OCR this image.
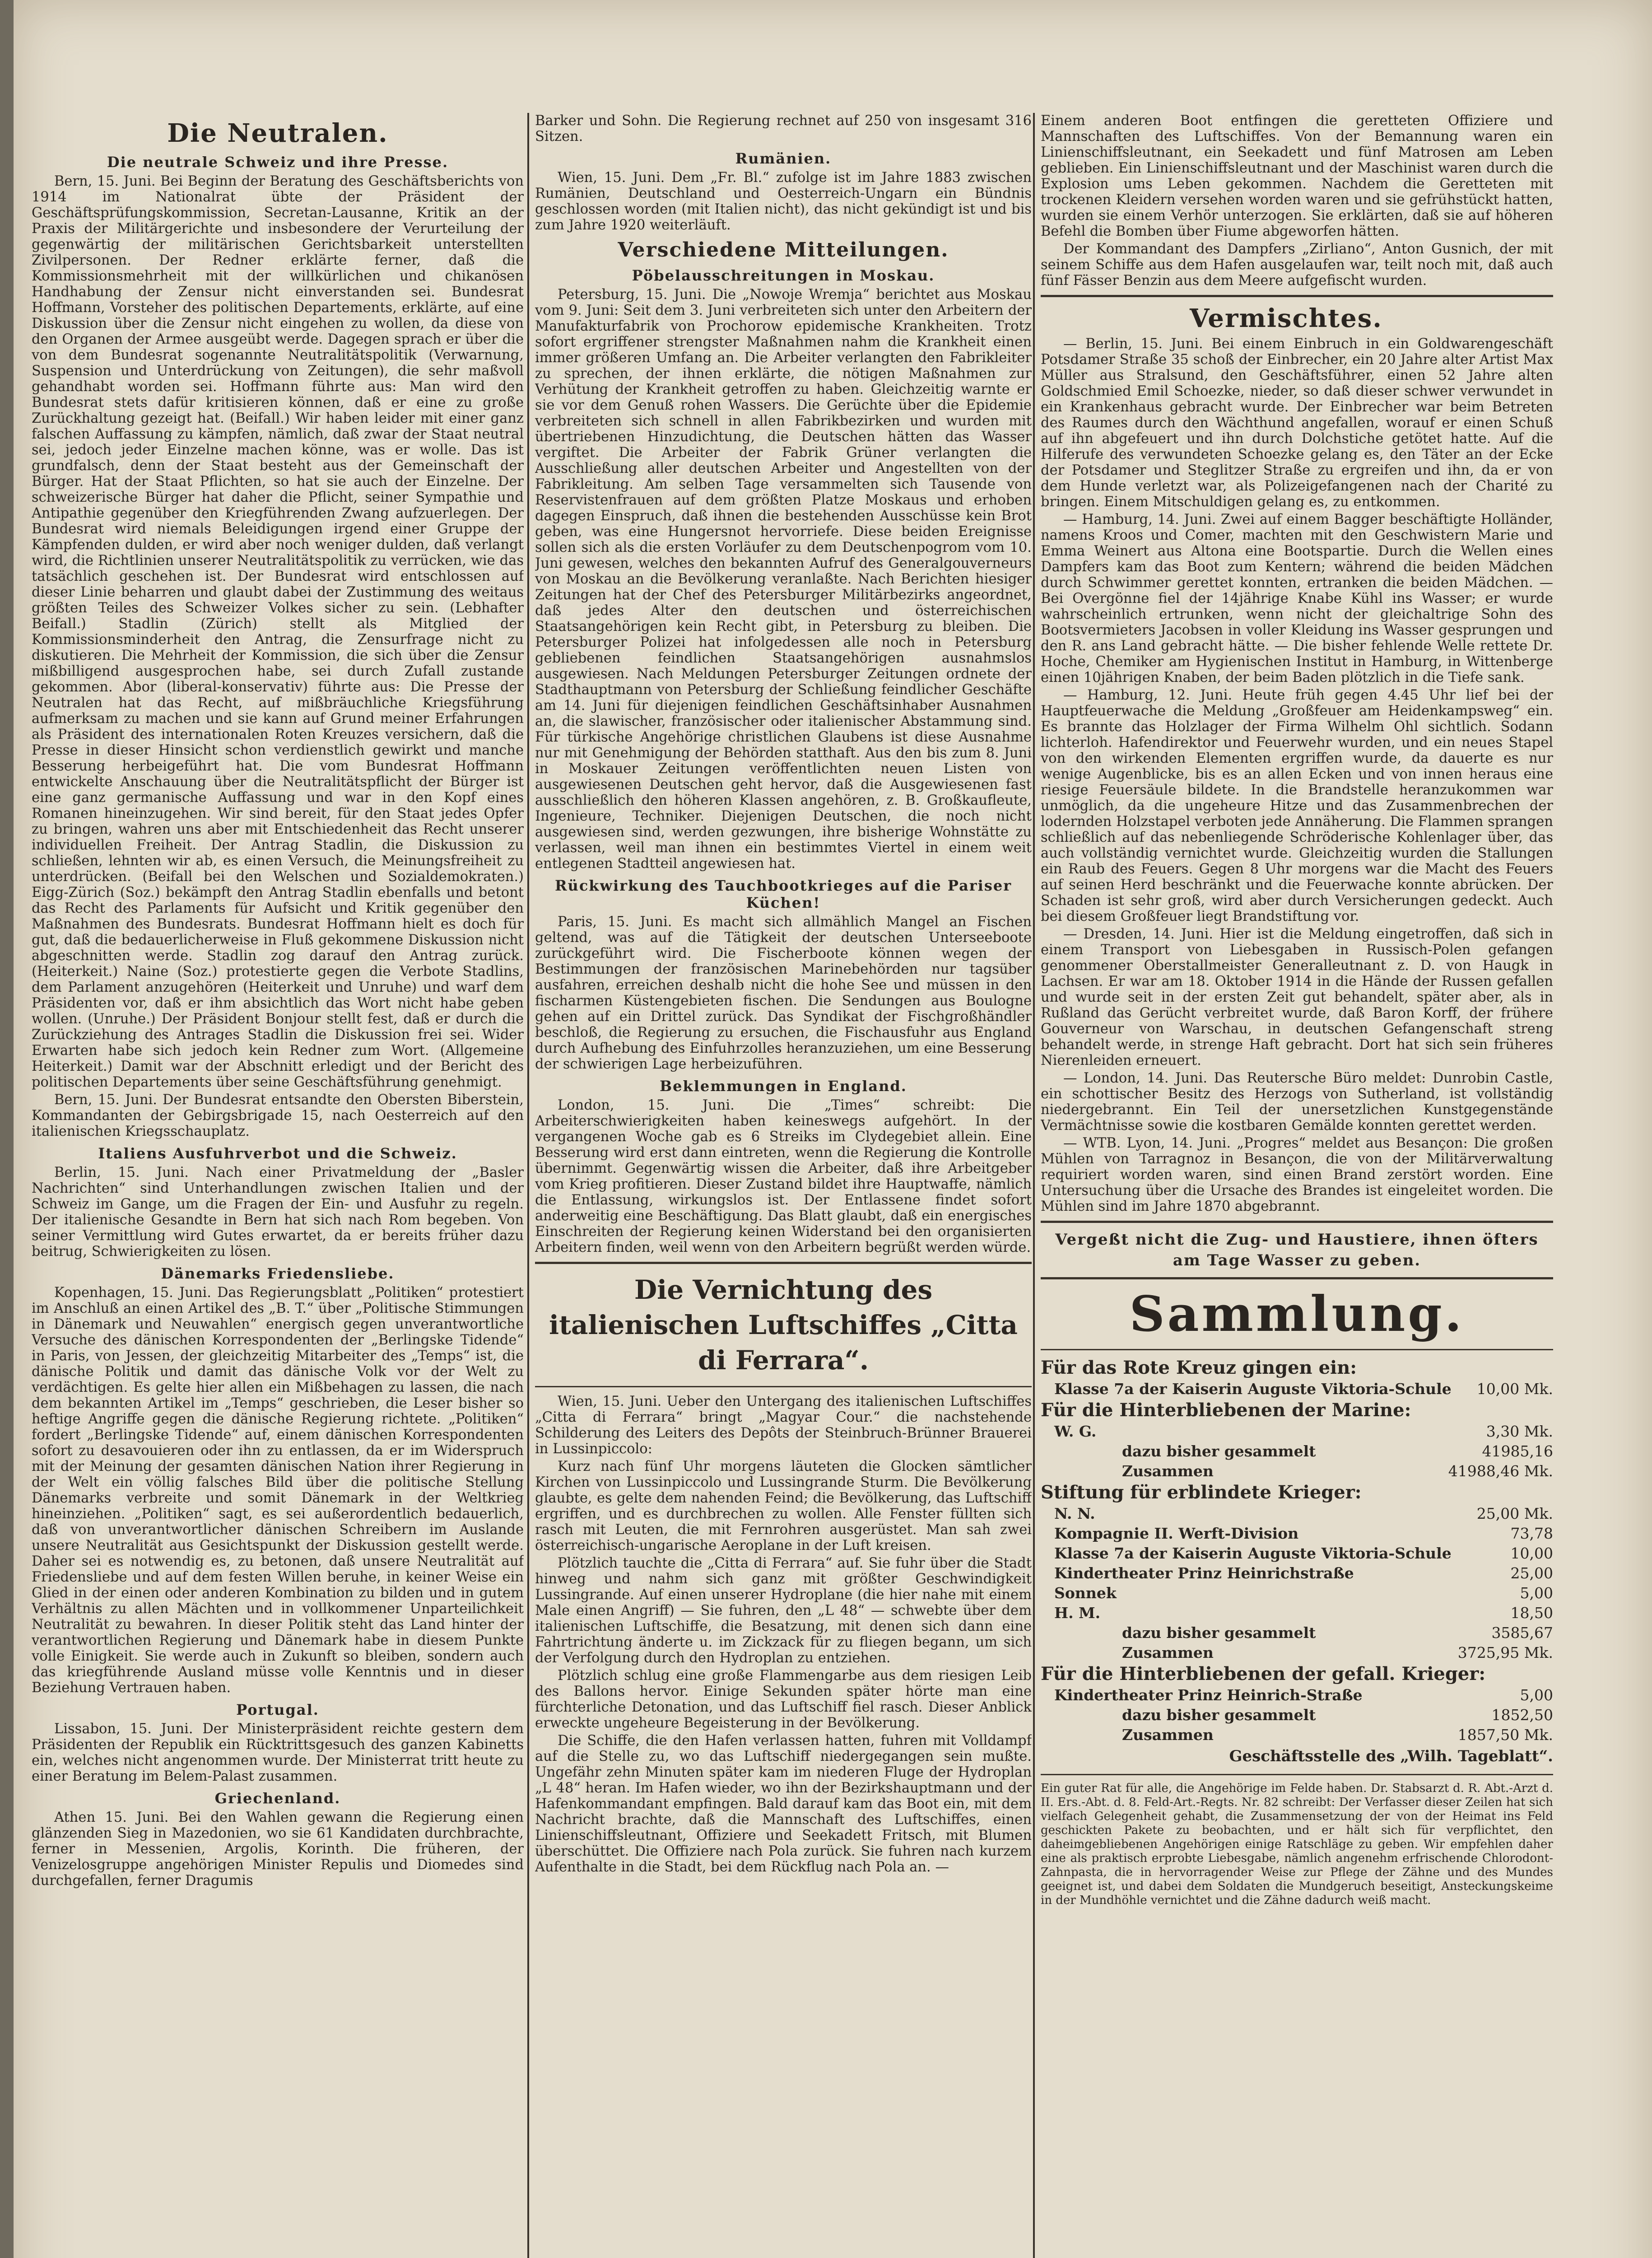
Die Neutralen.
Die neutrale Schweiz und ihre Presse.

Bern, 15. Juni. Bei Beginn der Beratung des Geschäftsberichts von 1914 im Nationalrat übte der Präsident der Geschäftsprüfungskommission, Secretan-Lausanne, Kritik an der Praxis der Militärgerichte und insbesondere der Verurteilung der gegenwärtig der militärischen Gerichtsbarkeit unterstellten Zivilpersonen. Der Redner erklärte ferner, daß die Kommissionsmehrheit mit der willkürlichen und chikanösen Handhabung der Zensur nicht einverstanden sei. Bundesrat Hoffmann, Vorsteher des politischen Departements, erklärte, auf eine Diskussion über die Zensur nicht eingehen zu wollen, da diese von den Organen der Armee ausgeübt werde. Dagegen sprach er über die von dem Bundesrat sogenannte Neutralitätspolitik (Verwarnung, Suspension und Unterdrückung von Zeitungen), die sehr maßvoll gehandhabt worden sei. Hoffmann führte aus: Man wird den Bundesrat stets dafür kritisieren können, daß er eine zu große Zurückhaltung gezeigt hat. (Beifall.) Wir haben leider mit einer ganz falschen Auffassung zu kämpfen, nämlich, daß zwar der Staat neutral sei, jedoch jeder Einzelne machen könne, was er wolle. Das ist grundfalsch, denn der Staat besteht aus der Gemeinschaft der Bürger. Hat der Staat Pflichten, so hat sie auch der Einzelne. Der schweizerische Bürger hat daher die Pflicht, seiner Sympathie und Antipathie gegenüber den Kriegführenden Zwang aufzuerlegen. Der Bundesrat wird niemals Beleidigungen irgend einer Gruppe der Kämpfenden dulden, er wird aber noch weniger dulden, daß verlangt wird, die Richtlinien unserer Neutralitätspolitik zu verrücken, wie das tatsächlich geschehen ist. Der Bundesrat wird entschlossen auf dieser Linie beharren und glaubt dabei der Zustimmung des weitaus größten Teiles des Schweizer Volkes sicher zu sein. (Lebhafter Beifall.) Stadlin (Zürich) stellt als Mitglied der Kommissionsminderheit den Antrag, die Zensurfrage nicht zu diskutieren. Die Mehrheit der Kommission, die sich über die Zensur mißbilligend ausgesprochen habe, sei durch Zufall zustande gekommen. Abor (liberal-konservativ) führte aus: Die Presse der Neutralen hat das Recht, auf mißbräuchliche Kriegsführung aufmerksam zu machen und sie kann auf Grund meiner Erfahrungen als Präsident des internationalen Roten Kreuzes versichern, daß die Presse in dieser Hinsicht schon verdienstlich gewirkt und manche Besserung herbeigeführt hat. Die vom Bundesrat Hoffmann entwickelte Anschauung über die Neutralitätspflicht der Bürger ist eine ganz germanische Auffassung und war in den Kopf eines Romanen hineinzugehen. Wir sind bereit, für den Staat jedes Opfer zu bringen, wahren uns aber mit Entschiedenheit das Recht unserer individuellen Freiheit. Der Antrag Stadlin, die Diskussion zu schließen, lehnten wir ab, es einen Versuch, die Meinungsfreiheit zu unterdrücken. (Beifall bei den Welschen und Sozialdemokraten.) Eigg-Zürich (Soz.) bekämpft den Antrag Stadlin ebenfalls und betont das Recht des Parlaments für Aufsicht und Kritik gegenüber den Maßnahmen des Bundesrats. Bundesrat Hoffmann hielt es doch für gut, daß die bedauerlicherweise in Fluß gekommene Diskussion nicht abgeschnitten werde. Stadlin zog darauf den Antrag zurück. (Heiterkeit.) Naine (Soz.) protestierte gegen die Verbote Stadlins, dem Parlament anzugehören (Heiterkeit und Unruhe) und warf dem Präsidenten vor, daß er ihm absichtlich das Wort nicht habe geben wollen. (Unruhe.) Der Präsident Bonjour stellt fest, daß er durch die Zurückziehung des Antrages Stadlin die Diskussion frei sei. Wider Erwarten habe sich jedoch kein Redner zum Wort. (Allgemeine Heiterkeit.) Damit war der Abschnitt erledigt und der Bericht des politischen Departements über seine Geschäftsführung genehmigt.

Bern, 15. Juni. Der Bundesrat entsandte den Obersten Biberstein, Kommandanten der Gebirgsbrigade 15, nach Oesterreich auf den italienischen Kriegsschauplatz.

Italiens Ausfuhrverbot und die Schweiz.

Berlin, 15. Juni. Nach einer Privatmeldung der „Basler Nachrichten“ sind Unterhandlungen zwischen Italien und der Schweiz im Gange, um die Fragen der Ein- und Ausfuhr zu regeln. Der italienische Gesandte in Bern hat sich nach Rom begeben. Von seiner Vermittlung wird Gutes erwartet, da er bereits früher dazu beitrug, Schwierigkeiten zu lösen.

Dänemarks Friedensliebe.

Kopenhagen, 15. Juni. Das Regierungsblatt „Politiken“ protestiert im Anschluß an einen Artikel des „B. T.“ über „Politische Stimmungen in Dänemark und Neuwahlen“ energisch gegen unverantwortliche Versuche des dänischen Korrespondenten der „Berlingske Tidende“ in Paris, von Jessen, der gleichzeitig Mitarbeiter des „Temps“ ist, die dänische Politik und damit das dänische Volk vor der Welt zu verdächtigen. Es gelte hier allen ein Mißbehagen zu lassen, die nach dem bekannten Artikel im „Temps“ geschrieben, die Leser bisher so heftige Angriffe gegen die dänische Regierung richtete. „Politiken“ fordert „Berlingske Tidende“ auf, einem dänischen Korrespondenten sofort zu desavouieren oder ihn zu entlassen, da er im Widerspruch mit der Meinung der gesamten dänischen Nation ihrer Regierung in der Welt ein völlig falsches Bild über die politische Stellung Dänemarks verbreite und somit Dänemark in der Weltkrieg hineinziehen. „Politiken“ sagt, es sei außerordentlich bedauerlich, daß von unverantwortlicher dänischen Schreibern im Auslande unsere Neutralität aus Gesichtspunkt der Diskussion gestellt werde. Daher sei es notwendig es, zu betonen, daß unsere Neutralität auf Friedensliebe und auf dem festen Willen beruhe, in keiner Weise ein Glied in der einen oder anderen Kombination zu bilden und in gutem Verhältnis zu allen Mächten und in vollkommener Unparteilichkeit Neutralität zu bewahren. In dieser Politik steht das Land hinter der verantwortlichen Regierung und Dänemark habe in diesem Punkte volle Einigkeit. Sie werde auch in Zukunft so bleiben, sondern auch das kriegführende Ausland müsse volle Kenntnis und in dieser Beziehung Vertrauen haben.

Portugal.

Lissabon, 15. Juni. Der Ministerpräsident reichte gestern dem Präsidenten der Republik ein Rücktrittsgesuch des ganzen Kabinetts ein, welches nicht angenommen wurde. Der Ministerrat tritt heute zu einer Beratung im Belem-Palast zusammen.

Griechenland.

Athen 15. Juni. Bei den Wahlen gewann die Regierung einen glänzenden Sieg in Mazedonien, wo sie 61 Kandidaten durchbrachte, ferner in Messenien, Argolis, Korinth. Die früheren, der Venizelosgruppe angehörigen Minister Repulis und Diomedes sind durchgefallen, ferner Dragumis

Barker und Sohn. Die Regierung rechnet auf 250 von insgesamt 316 Sitzen.

Rumänien.

Wien, 15. Juni. Dem „Fr. Bl.“ zufolge ist im Jahre 1883 zwischen Rumänien, Deutschland und Oesterreich-Ungarn ein Bündnis geschlossen worden (mit Italien nicht), das nicht gekündigt ist und bis zum Jahre 1920 weiterläuft.

Verschiedene Mitteilungen.
Pöbelausschreitungen in Moskau.

Petersburg, 15. Juni. Die „Nowoje Wremja“ berichtet aus Moskau vom 9. Juni: Seit dem 3. Juni verbreiteten sich unter den Arbeitern der Manufakturfabrik von Prochorow epidemische Krankheiten. Trotz sofort ergriffener strengster Maßnahmen nahm die Krankheit einen immer größeren Umfang an. Die Arbeiter verlangten den Fabrikleiter zu sprechen, der ihnen erklärte, die nötigen Maßnahmen zur Verhütung der Krankheit getroffen zu haben. Gleichzeitig warnte er sie vor dem Genuß rohen Wassers. Die Gerüchte über die Epidemie verbreiteten sich schnell in allen Fabrikbezirken und wurden mit übertriebenen Hinzudichtung, die Deutschen hätten das Wasser vergiftet. Die Arbeiter der Fabrik Grüner verlangten die Ausschließung aller deutschen Arbeiter und Angestellten von der Fabrikleitung. Am selben Tage versammelten sich Tausende von Reservistenfrauen auf dem größten Platze Moskaus und erhoben dagegen Einspruch, daß ihnen die bestehenden Ausschüsse kein Brot geben, was eine Hungersnot hervorriefe. Diese beiden Ereignisse sollen sich als die ersten Vorläufer zu dem Deutschenpogrom vom 10. Juni gewesen, welches den bekannten Aufruf des Generalgouverneurs von Moskau an die Bevölkerung veranlaßte. Nach Berichten hiesiger Zeitungen hat der Chef des Petersburger Militärbezirks angeordnet, daß jedes Alter den deutschen und österreichischen Staatsangehörigen kein Recht gibt, in Petersburg zu bleiben. Die Petersburger Polizei hat infolgedessen alle noch in Petersburg gebliebenen feindlichen Staatsangehörigen ausnahmslos ausgewiesen. Nach Meldungen Petersburger Zeitungen ordnete der Stadthauptmann von Petersburg der Schließung feindlicher Geschäfte am 14. Juni für diejenigen feindlichen Geschäftsinhaber Ausnahmen an, die slawischer, französischer oder italienischer Abstammung sind. Für türkische Angehörige christlichen Glaubens ist diese Ausnahme nur mit Genehmigung der Behörden statthaft. Aus den bis zum 8. Juni in Moskauer Zeitungen veröffentlichten neuen Listen von ausgewiesenen Deutschen geht hervor, daß die Ausgewiesenen fast ausschließlich den höheren Klassen angehören, z. B. Großkaufleute, Ingenieure, Techniker. Diejenigen Deutschen, die noch nicht ausgewiesen sind, werden gezwungen, ihre bisherige Wohnstätte zu verlassen, weil man ihnen ein bestimmtes Viertel in einem weit entlegenen Stadtteil angewiesen hat.

Rückwirkung des Tauchbootkrieges auf die Pariser Küchen!

Paris, 15. Juni. Es macht sich allmählich Mangel an Fischen geltend, was auf die Tätigkeit der deutschen Unterseeboote zurückgeführt wird. Die Fischerboote können wegen der Bestimmungen der französischen Marinebehörden nur tagsüber ausfahren, erreichen deshalb nicht die hohe See und müssen in den fischarmen Küstengebieten fischen. Die Sendungen aus Boulogne gehen auf ein Drittel zurück. Das Syndikat der Fischgroßhändler beschloß, die Regierung zu ersuchen, die Fischausfuhr aus England durch Aufhebung des Einfuhrzolles heranzuziehen, um eine Besserung der schwierigen Lage herbeizuführen.

Beklemmungen in England.

London, 15. Juni. Die „Times“ schreibt: Die Arbeiterschwierigkeiten haben keineswegs aufgehört. In der vergangenen Woche gab es 6 Streiks im Clydegebiet allein. Eine Besserung wird erst dann eintreten, wenn die Regierung die Kontrolle übernimmt. Gegenwärtig wissen die Arbeiter, daß ihre Arbeitgeber vom Krieg profitieren. Dieser Zustand bildet ihre Hauptwaffe, nämlich die Entlassung, wirkungslos ist. Der Entlassene findet sofort anderweitig eine Beschäftigung. Das Blatt glaubt, daß ein energisches Einschreiten der Regierung keinen Widerstand bei den organisierten Arbeitern finden, weil wenn von den Arbeitern begrüßt werden würde.

Die Vernichtung des italienischen Luftschiffes „Citta di Ferrara“.

Wien, 15. Juni. Ueber den Untergang des italienischen Luftschiffes „Citta di Ferrara“ bringt „Magyar Cour.“ die nachstehende Schilderung des Leiters des Depôts der Steinbruch-Brünner Brauerei in Lussinpiccolo:

Kurz nach fünf Uhr morgens läuteten die Glocken sämtlicher Kirchen von Lussinpiccolo und Lussingrande Sturm. Die Bevölkerung glaubte, es gelte dem nahenden Feind; die Bevölkerung, das Luftschiff ergriffen, und es durchbrechen zu wollen. Alle Fenster füllten sich rasch mit Leuten, die mit Fernrohren ausgerüstet. Man sah zwei österreichisch-ungarische Aeroplane in der Luft kreisen.

Plötzlich tauchte die „Citta di Ferrara“ auf. Sie fuhr über die Stadt hinweg und nahm sich ganz mit größter Geschwindigkeit Lussingrande. Auf einen unserer Hydroplane (die hier nahe mit einem Male einen Angriff) — Sie fuhren, den „L 48“ — schwebte über dem italienischen Luftschiffe, die Besatzung, mit denen sich dann eine Fahrtrichtung änderte u. im Zickzack für zu fliegen begann, um sich der Verfolgung durch den Hydroplan zu entziehen.

Plötzlich schlug eine große Flammengarbe aus dem riesigen Leib des Ballons hervor. Einige Sekunden später hörte man eine fürchterliche Detonation, und das Luftschiff fiel rasch. Dieser Anblick erweckte ungeheure Begeisterung in der Bevölkerung.

Die Schiffe, die den Hafen verlassen hatten, fuhren mit Volldampf auf die Stelle zu, wo das Luftschiff niedergegangen sein mußte. Ungefähr zehn Minuten später kam im niederen Fluge der Hydroplan „L 48“ heran. Im Hafen wieder, wo ihn der Bezirkshauptmann und der Hafenkommandant empfingen. Bald darauf kam das Boot ein, mit dem Nachricht brachte, daß die Mannschaft des Luftschiffes, einen Linienschiffsleutnant, Offiziere und Seekadett Fritsch, mit Blumen überschüttet. Die Offiziere nach Pola zurück. Sie fuhren nach kurzem Aufenthalte in die Stadt, bei dem Rückflug nach Pola an. —

Einem anderen Boot entfingen die geretteten Offiziere und Mannschaften des Luftschiffes. Von der Bemannung waren ein Linienschiffsleutnant, ein Seekadett und fünf Matrosen am Leben geblieben. Ein Linienschiffsleutnant und der Maschinist waren durch die Explosion ums Leben gekommen. Nachdem die Geretteten mit trockenen Kleidern versehen worden waren und sie gefrühstückt hatten, wurden sie einem Verhör unterzogen. Sie erklärten, daß sie auf höheren Befehl die Bomben über Fiume abgeworfen hätten.

Der Kommandant des Dampfers „Zirliano“, Anton Gusnich, der mit seinem Schiffe aus dem Hafen ausgelaufen war, teilt noch mit, daß auch fünf Fässer Benzin aus dem Meere aufgefischt wurden.

Vermischtes.

— Berlin, 15. Juni. Bei einem Einbruch in ein Goldwarengeschäft Potsdamer Straße 35 schoß der Einbrecher, ein 20 Jahre alter Artist Max Müller aus Stralsund, den Geschäftsführer, einen 52 Jahre alten Goldschmied Emil Schoezke, nieder, so daß dieser schwer verwundet in ein Krankenhaus gebracht wurde. Der Einbrecher war beim Betreten des Raumes durch den Wächthund angefallen, worauf er einen Schuß auf ihn abgefeuert und ihn durch Dolchstiche getötet hatte. Auf die Hilferufe des verwundeten Schoezke gelang es, den Täter an der Ecke der Potsdamer und Steglitzer Straße zu ergreifen und ihn, da er von dem Hunde verletzt war, als Polizeigefangenen nach der Charité zu bringen. Einem Mitschuldigen gelang es, zu entkommen.

— Hamburg, 14. Juni. Zwei auf einem Bagger beschäftigte Holländer, namens Kroos und Comer, machten mit den Geschwistern Marie und Emma Weinert aus Altona eine Bootspartie. Durch die Wellen eines Dampfers kam das Boot zum Kentern; während die beiden Mädchen durch Schwimmer gerettet konnten, ertranken die beiden Mädchen. — Bei Overgönne fiel der 14jährige Knabe Kühl ins Wasser; er wurde wahrscheinlich ertrunken, wenn nicht der gleichaltrige Sohn des Bootsvermieters Jacobsen in voller Kleidung ins Wasser gesprungen und den R. ans Land gebracht hätte. — Die bisher fehlende Welle rettete Dr. Hoche, Chemiker am Hygienischen Institut in Hamburg, in Wittenberge einen 10jährigen Knaben, der beim Baden plötzlich in die Tiefe sank.

— Hamburg, 12. Juni. Heute früh gegen 4.45 Uhr lief bei der Hauptfeuerwache die Meldung „Großfeuer am Heidenkampsweg“ ein. Es brannte das Holzlager der Firma Wilhelm Ohl sichtlich. Sodann lichterloh. Hafendirektor und Feuerwehr wurden, und ein neues Stapel von den wirkenden Elementen ergriffen wurde, da dauerte es nur wenige Augenblicke, bis es an allen Ecken und von innen heraus eine riesige Feuersäule bildete. In die Brandstelle heranzukommen war unmöglich, da die ungeheure Hitze und das Zusammenbrechen der lodernden Holzstapel verboten jede Annäherung. Die Flammen sprangen schließlich auf das nebenliegende Schröderische Kohlenlager über, das auch vollständig vernichtet wurde. Gleichzeitig wurden die Stallungen ein Raub des Feuers. Gegen 8 Uhr morgens war die Macht des Feuers auf seinen Herd beschränkt und die Feuerwache konnte abrücken. Der Schaden ist sehr groß, wird aber durch Versicherungen gedeckt. Auch bei diesem Großfeuer liegt Brandstiftung vor.

— Dresden, 14. Juni. Hier ist die Meldung eingetroffen, daß sich in einem Transport von Liebesgaben in Russisch-Polen gefangen genommener Oberstallmeister Generalleutnant z. D. von Haugk in Lachsen. Er war am 18. Oktober 1914 in die Hände der Russen gefallen und wurde seit in der ersten Zeit gut behandelt, später aber, als in Rußland das Gerücht verbreitet wurde, daß Baron Korff, der frühere Gouverneur von Warschau, in deutschen Gefangenschaft streng behandelt werde, in strenge Haft gebracht. Dort hat sich sein früheres Nierenleiden erneuert.

— London, 14. Juni. Das Reutersche Büro meldet: Dunrobin Castle, ein schottischer Besitz des Herzogs von Sutherland, ist vollständig niedergebrannt. Ein Teil der unersetzlichen Kunstgegenstände Vermächtnisse sowie die kostbaren Gemälde konnten gerettet werden.

— WTB. Lyon, 14. Juni. „Progres“ meldet aus Besançon: Die großen Mühlen von Tarragnoz in Besançon, die von der Militärverwaltung requiriert worden waren, sind einen Brand zerstört worden. Eine Untersuchung über die Ursache des Brandes ist eingeleitet worden. Die Mühlen sind im Jahre 1870 abgebrannt.

Vergeßt nicht die Zug- und Haustiere, ihnen öfters am Tage Wasser zu geben.
Sammlung.
Für das Rote Kreuz gingen ein:
Klasse 7a der Kaiserin Auguste Viktoria-Schule 10,00 Mk.
Für die Hinterbliebenen der Marine:
W. G.	3,30 Mk.
dazu bisher gesammelt	41985,16
Zusammen	41988,46 Mk.
Stiftung für erblindete Krieger:
N. N.	25,00 Mk.
Kompagnie II. Werft-Division	73,78
Klasse 7a der Kaiserin Auguste Viktoria-Schule	10,00
Kindertheater Prinz Heinrichstraße	25,00
Sonnek	5,00
H. M.	18,50
dazu bisher gesammelt	3585,67
Zusammen	3725,95 Mk.
Für die Hinterbliebenen der gefall. Krieger:
Kindertheater Prinz Heinrich-Straße	5,00
dazu bisher gesammelt	1852,50
Zusammen	1857,50 Mk.
Geschäftsstelle des „Wilh. Tageblatt“.
Ein guter Rat für alle, die Angehörige im Felde haben. Dr. Stabsarzt d. R. Abt.-Arzt d. II. Ers.-Abt. d. 8. Feld-Art.-Regts. Nr. 82 schreibt: Der Verfasser dieser Zeilen hat sich vielfach Gelegenheit gehabt, die Zusammensetzung der von der Heimat ins Feld geschickten Pakete zu beobachten, und er hält sich für verpflichtet, den daheimgebliebenen Angehörigen einige Ratschläge zu geben. Wir empfehlen daher eine als praktisch erprobte Liebesgabe, nämlich angenehm erfrischende Chlorodont-Zahnpasta, die in hervorragender Weise zur Pflege der Zähne und des Mundes geeignet ist, und dabei dem Soldaten die Mundgeruch beseitigt, Ansteckungskeime in der Mundhöhle vernichtet und die Zähne dadurch weiß macht.
